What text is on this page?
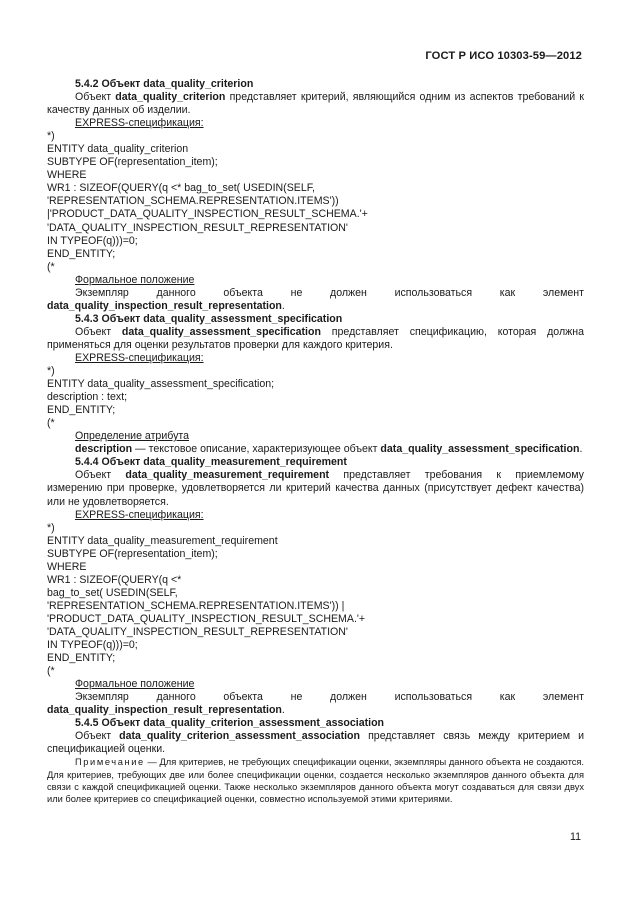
ГОСТ Р ИСО 10303-59—2012

5.4.2 Объект data_quality_criterion

Объект data_quality_criterion представляет критерий, являющийся одним из аспектов требований к качеству данных об изделии.

EXPRESS-спецификация:

*)

ENTITY data_quality_criterion

SUBTYPE OF(representation_item);

WHERE

WR1 : SIZEOF(QUERY(q <* bag_to_set( USEDIN(SELF,

'REPRESENTATION_SCHEMA.REPRESENTATION.ITEMS'))

|'PRODUCT_DATA_QUALITY_INSPECTION_RESULT_SCHEMA.'+

'DATA_QUALITY_INSPECTION_RESULT_REPRESENTATION'

IN TYPEOF(q)))=0;

END_ENTITY;

(*

Формальное положение

Экземпляр данного объекта не должен использоваться как элемент data_quality_inspection_result_representation.

5.4.3 Объект data_quality_assessment_specification

Объект data_quality_assessment_specification представляет спецификацию, которая должна применяться для оценки результатов проверки для каждого критерия.

EXPRESS-спецификация:

*)

ENTITY data_quality_assessment_specification;

description : text;

END_ENTITY;

(*

Определение атрибута

description — текстовое описание, характеризующее объект data_quality_assessment_specification.

5.4.4 Объект data_quality_measurement_requirement

Объект data_quality_measurement_requirement представляет требования к приемлемому измерению при проверке, удовлетворяется ли критерий качества данных (присутствует дефект качества) или не удовлетворяется.

EXPRESS-спецификация:

*)

ENTITY data_quality_measurement_requirement

SUBTYPE OF(representation_item);

WHERE

WR1 : SIZEOF(QUERY(q <*

bag_to_set( USEDIN(SELF,

'REPRESENTATION_SCHEMA.REPRESENTATION.ITEMS')) |

'PRODUCT_DATA_QUALITY_INSPECTION_RESULT_SCHEMA.'+

'DATA_QUALITY_INSPECTION_RESULT_REPRESENTATION'

IN TYPEOF(q)))=0;

END_ENTITY;

(*

Формальное положение

Экземпляр данного объекта не должен использоваться как элемент data_quality_inspection_result_representation.

5.4.5 Объект data_quality_criterion_assessment_association

Объект data_quality_criterion_assessment_association представляет связь между критерием и спецификацией оценки.

Примечание — Для критериев, не требующих спецификации оценки, экземпляры данного объекта не создаются. Для критериев, требующих две или более спецификации оценки, создается несколько экземпляров данного объекта для связи с каждой спецификацией оценки. Также несколько экземпляров данного объекта могут создаваться для связи двух или более критериев со спецификацией оценки, совместно используемой этими критериями.

11
